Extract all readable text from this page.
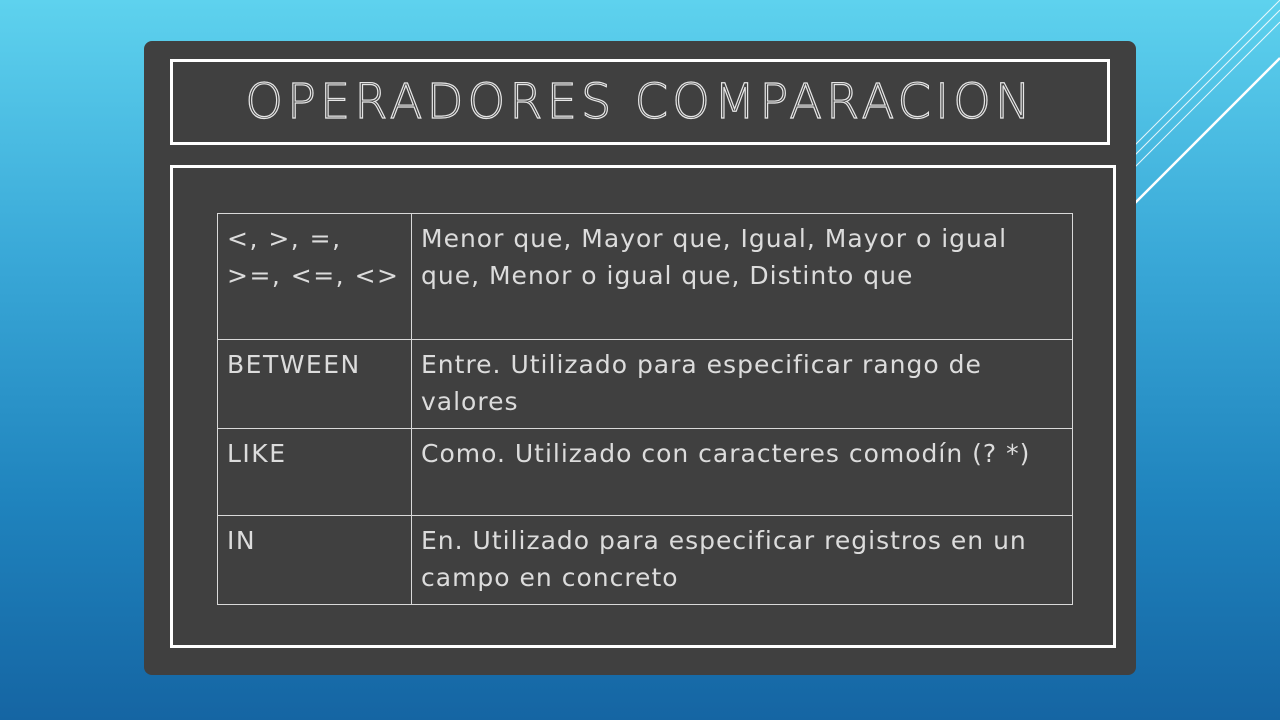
OPERADORES COMPARACION
<, >, =, >=, <=, <>	Menor que, Mayor que, Igual, Mayor o igual que, Menor o igual que, Distinto que
BETWEEN	Entre. Utilizado para especificar rango de valores
LIKE	Como. Utilizado con caracteres comodín (? *)
IN	En. Utilizado para especificar registros en un campo en concreto
